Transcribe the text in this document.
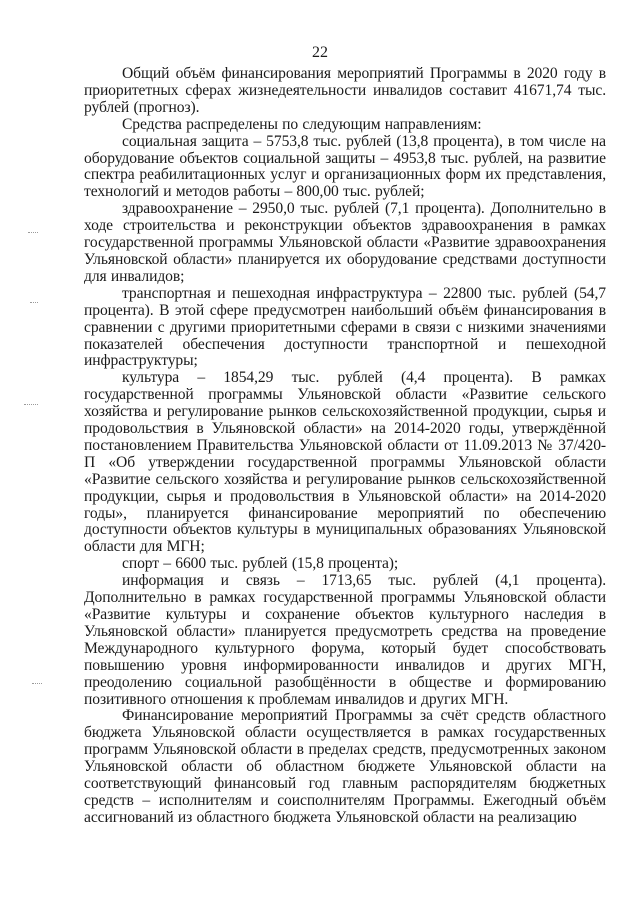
22

Общий объём финансирования мероприятий Программы в 2020 году в приоритетных сферах жизнедеятельности инвалидов составит 41671,74 тыс. рублей (прогноз).

Средства распределены по следующим направлениям:

социальная защита – 5753,8 тыс. рублей (13,8 процента), в том числе на оборудование объектов социальной защиты – 4953,8 тыс. рублей, на развитие спектра реабилитационных услуг и организационных форм их представления, технологий и методов работы – 800,00 тыс. рублей;

здравоохранение – 2950,0 тыс. рублей (7,1 процента). Дополнительно в ходе строительства и реконструкции объектов здравоохранения в рамках государственной программы Ульяновской области «Развитие здравоохранения Ульяновской области» планируется их оборудование средствами доступности для инвалидов;

транспортная и пешеходная инфраструктура – 22800 тыс. рублей (54,7 процента). В этой сфере предусмотрен наибольший объём финансирования в сравнении с другими приоритетными сферами в связи с низкими значениями показателей обеспечения доступности транспортной и пешеходной инфраструктуры;

культура – 1854,29 тыс. рублей (4,4 процента). В рамках государственной программы Ульяновской области «Развитие сельского хозяйства и регулирование рынков сельскохозяйственной продукции, сырья и продовольствия в Ульяновской области» на 2014-2020 годы, утверждённой постановлением Правительства Ульяновской области от 11.09.2013 № 37/420-П «Об утверждении государственной программы Ульяновской области «Развитие сельского хозяйства и регулирование рынков сельскохозяйственной продукции, сырья и продовольствия в Ульяновской области» на 2014-2020 годы», планируется финансирование мероприятий по обеспечению доступности объектов культуры в муниципальных образованиях Ульяновской области для МГН;

спорт – 6600 тыс. рублей (15,8 процента);

информация и связь – 1713,65 тыс. рублей (4,1 процента). Дополнительно в рамках государственной программы Ульяновской области «Развитие культуры и сохранение объектов культурного наследия в Ульяновской области» планируется предусмотреть средства на проведение Международного культурного форума, который будет способствовать повышению уровня информированности инвалидов и других МГН, преодолению социальной разобщённости в обществе и формированию позитивного отношения к проблемам инвалидов и других МГН.

Финансирование мероприятий Программы за счёт средств областного бюджета Ульяновской области осуществляется в рамках государственных программ Ульяновской области в пределах средств, предусмотренных законом Ульяновской области об областном бюджете Ульяновской области на соответствующий финансовый год главным распорядителям бюджетных средств – исполнителям и соисполнителям Программы. Ежегодный объём ассигнований из областного бюджета Ульяновской области на реализацию
